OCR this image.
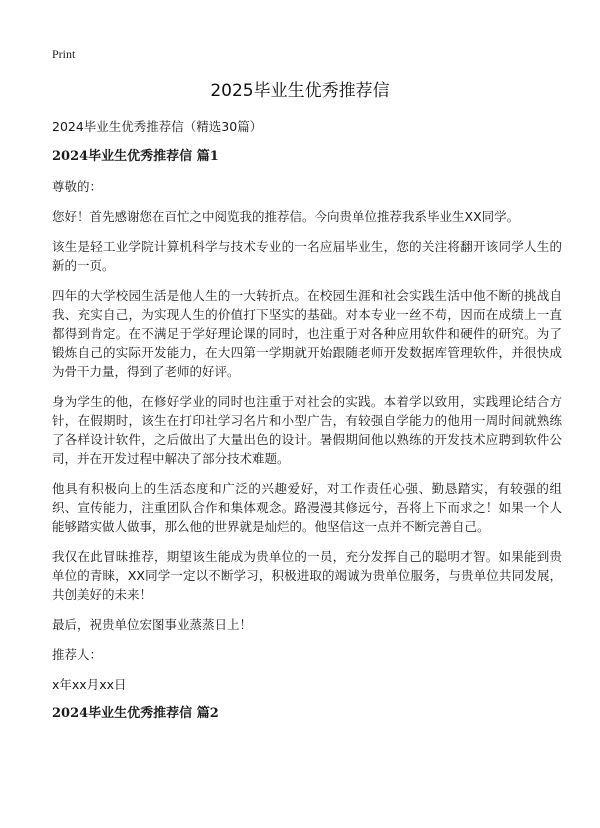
Print
2025毕业生优秀推荐信

2024毕业生优秀推荐信（精选30篇）

2024毕业生优秀推荐信 篇1

尊敬的：

您好！首先感谢您在百忙之中阅览我的推荐信。今向贵单位推荐我系毕业生XX同学。

该生是轻工业学院计算机科学与技术专业的一名应届毕业生，您的关注将翻开该同学人生的新的一页。

四年的大学校园生活是他人生的一大转折点。在校园生涯和社会实践生活中他不断的挑战自我、充实自己，为实现人生的价值打下坚实的基础。对本专业一丝不苟，因而在成绩上一直都得到肯定。在不满足于学好理论课的同时，也注重于对各种应用软件和硬件的研究。为了锻炼自己的实际开发能力，在大四第一学期就开始跟随老师开发数据库管理软件，并很快成为骨干力量，得到了老师的好评。

身为学生的他，在修好学业的同时也注重于对社会的实践。本着学以致用，实践理论结合方针，在假期时，该生在打印社学习名片和小型广告，有较强自学能力的他用一周时间就熟练了各样设计软件，之后做出了大量出色的设计。暑假期间他以熟练的开发技术应聘到软件公司，并在开发过程中解决了部分技术难题。

他具有积极向上的生活态度和广泛的兴趣爱好，对工作责任心强、勤恳踏实，有较强的组织、宣传能力，注重团队合作和集体观念。路漫漫其修远兮，吾将上下而求之！如果一个人能够踏实做人做事，那么他的世界就是灿烂的。他坚信这一点并不断完善自己。

我仅在此冒昧推荐，期望该生能成为贵单位的一员，充分发挥自己的聪明才智。如果能到贵单位的青睐，XX同学一定以不断学习，积极进取的竭诚为贵单位服务，与贵单位共同发展，共创美好的未来！

最后，祝贵单位宏图事业蒸蒸日上！

推荐人：

x年xx月xx日

2024毕业生优秀推荐信 篇2
